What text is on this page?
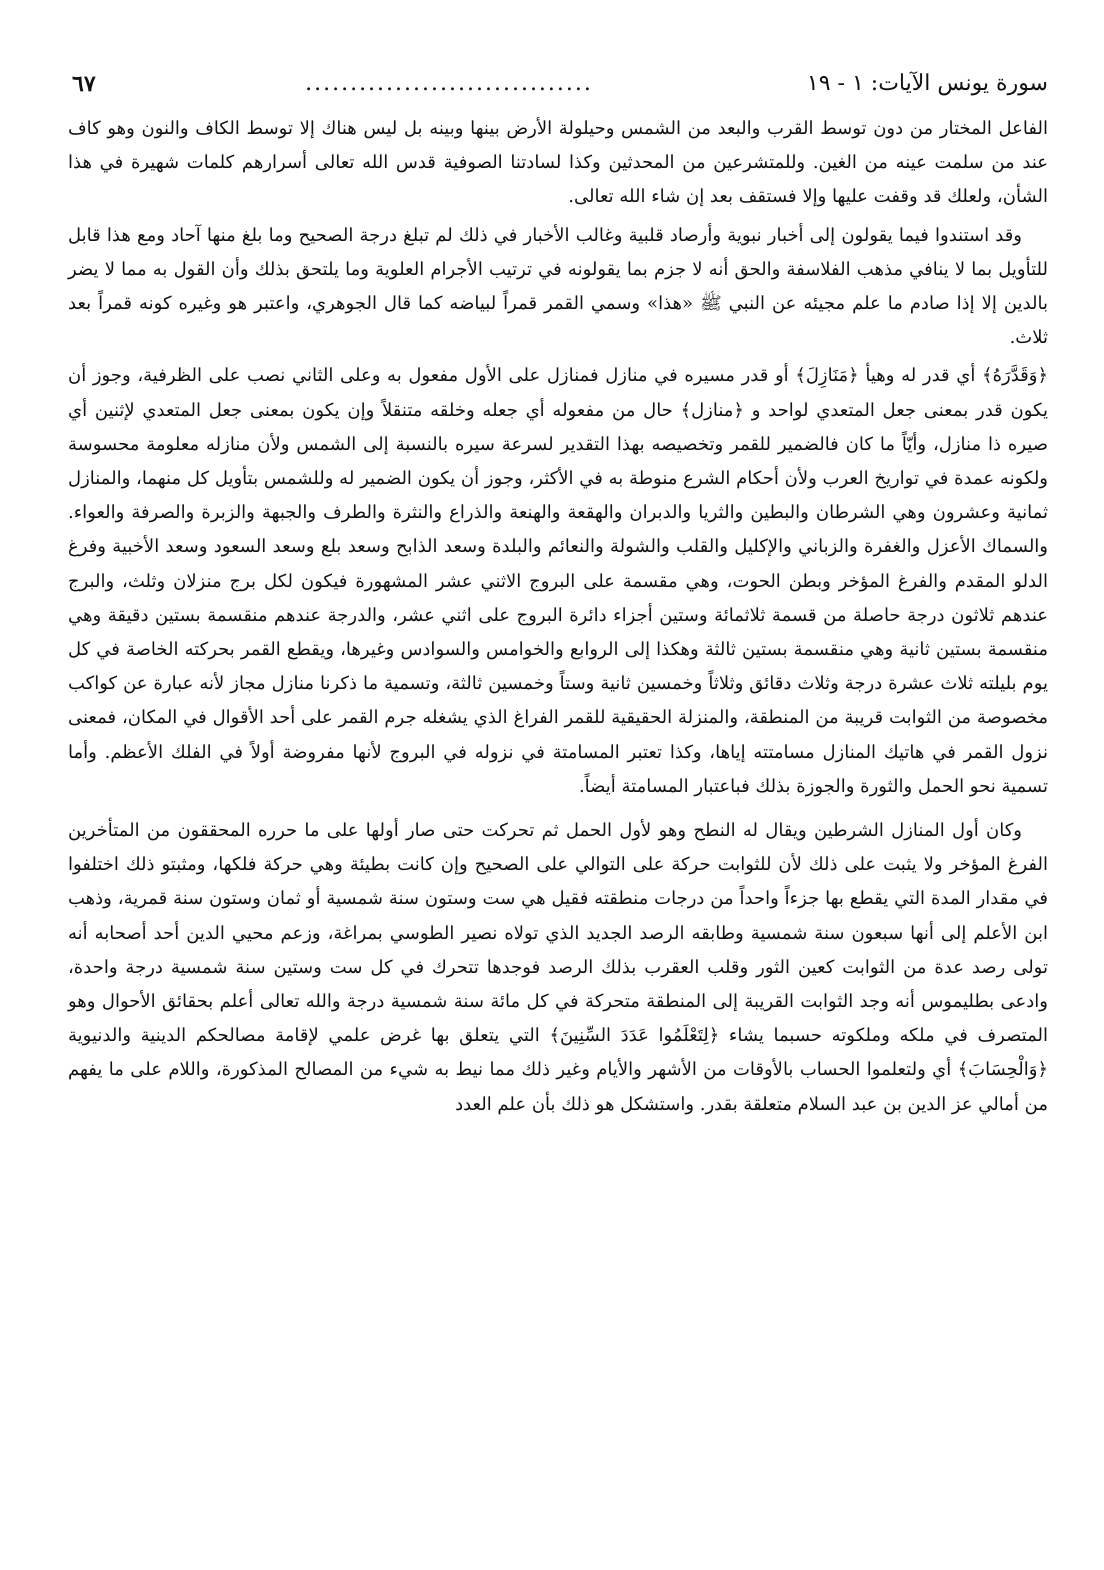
سورة يونس الآيات: ١ - ١٩
................................
٦٧

الفاعل المختار من دون توسط القرب والبعد من الشمس وحيلولة الأرض بينها وبينه بل ليس هناك إلا توسط الكاف والنون وهو كاف عند من سلمت عينه من الغين. وللمتشرعين من المحدثين وكذا لسادتنا الصوفية قدس الله تعالى أسرارهم كلمات شهيرة في هذا الشأن، ولعلك قد وقفت عليها وإلا فستقف بعد إن شاء الله تعالى.

وقد استندوا فيما يقولون إلى أخبار نبوية وأرصاد قلبية وغالب الأخبار في ذلك لم تبلغ درجة الصحيح وما بلغ منها آحاد ومع هذا قابل للتأويل بما لا ينافي مذهب الفلاسفة والحق أنه لا جزم بما يقولونه في ترتيب الأجرام العلوية وما يلتحق بذلك وأن القول به مما لا يضر بالدين إلا إذا صادم ما علم مجيئه عن النبي ﷺ «هذا» وسمي القمر قمراً لبياضه كما قال الجوهري، واعتبر هو وغيره كونه قمراً بعد ثلاث.

﴿وَقَدَّرَهُ﴾ أي قدر له وهيأ ﴿مَنَازِلَ﴾ أو قدر مسيره في منازل فمنازل على الأول مفعول به وعلى الثاني نصب على الظرفية، وجوز أن يكون قدر بمعنى جعل المتعدي لواحد و ﴿منازل﴾ حال من مفعوله أي جعله وخلقه متنقلاً وإن يكون بمعنى جعل المتعدي لإثنين أي صيره ذا منازل، وأيّاً ما كان فالضمير للقمر وتخصيصه بهذا التقدير لسرعة سيره بالنسبة إلى الشمس ولأن منازله معلومة محسوسة ولكونه عمدة في تواريخ العرب ولأن أحكام الشرع منوطة به في الأكثر، وجوز أن يكون الضمير له وللشمس بتأويل كل منهما، والمنازل ثمانية وعشرون وهي الشرطان والبطين والثريا والدبران والهقعة والهنعة والذراع والنثرة والطرف والجبهة والزبرة والصرفة والعواء. والسماك الأعزل والغفرة والزباني والإكليل والقلب والشولة والنعائم والبلدة وسعد الذابح وسعد بلع وسعد السعود وسعد الأخبية وفرغ الدلو المقدم والفرغ المؤخر وبطن الحوت، وهي مقسمة على البروج الاثني عشر المشهورة فيكون لكل برج منزلان وثلث، والبرج عندهم ثلاثون درجة حاصلة من قسمة ثلاثمائة وستين أجزاء دائرة البروج على اثني عشر، والدرجة عندهم منقسمة بستين دقيقة وهي منقسمة بستين ثانية وهي منقسمة بستين ثالثة وهكذا إلى الروابع والخوامس والسوادس وغيرها، ويقطع القمر بحركته الخاصة في كل يوم بليلته ثلاث عشرة درجة وثلاث دقائق وثلاثاً وخمسين ثانية وستاً وخمسين ثالثة، وتسمية ما ذكرنا منازل مجاز لأنه عبارة عن كواكب مخصوصة من الثوابت قريبة من المنطقة، والمنزلة الحقيقية للقمر الفراغ الذي يشغله جرم القمر على أحد الأقوال في المكان، فمعنى نزول القمر في هاتيك المنازل مسامتته إياها، وكذا تعتبر المسامتة في نزوله في البروج لأنها مفروضة أولاً في الفلك الأعظم. وأما تسمية نحو الحمل والثورة والجوزة بذلك فباعتبار المسامتة أيضاً.

وكان أول المنازل الشرطين ويقال له النطح وهو لأول الحمل ثم تحركت حتى صار أولها على ما حرره المحققون من المتأخرين الفرغ المؤخر ولا يثبت على ذلك لأن للثوابت حركة على التوالي على الصحيح وإن كانت بطيئة وهي حركة فلكها، ومثبتو ذلك اختلفوا في مقدار المدة التي يقطع بها جزءاً واحداً من درجات منطقته فقيل هي ست وستون سنة شمسية أو ثمان وستون سنة قمرية، وذهب ابن الأعلم إلى أنها سبعون سنة شمسية وطابقه الرصد الجديد الذي تولاه نصير الطوسي بمراغة، وزعم محيي الدين أحد أصحابه أنه تولى رصد عدة من الثوابت كعين الثور وقلب العقرب بذلك الرصد فوجدها تتحرك في كل ست وستين سنة شمسية درجة واحدة، وادعى بطليموس أنه وجد الثوابت القريبة إلى المنطقة متحركة في كل مائة سنة شمسية درجة والله تعالى أعلم بحقائق الأحوال وهو المتصرف في ملكه وملكوته حسبما يشاء ﴿لِتَعْلَمُوا عَدَدَ السِّنِينَ﴾ التي يتعلق بها غرض علمي لإقامة مصالحكم الدينية والدنيوية ﴿وَالْحِسَابَ﴾ أي ولتعلموا الحساب بالأوقات من الأشهر والأيام وغير ذلك مما نيط به شيء من المصالح المذكورة، واللام على ما يفهم من أمالي عز الدين بن عبد السلام متعلقة بقدر. واستشكل هو ذلك بأن علم العدد
